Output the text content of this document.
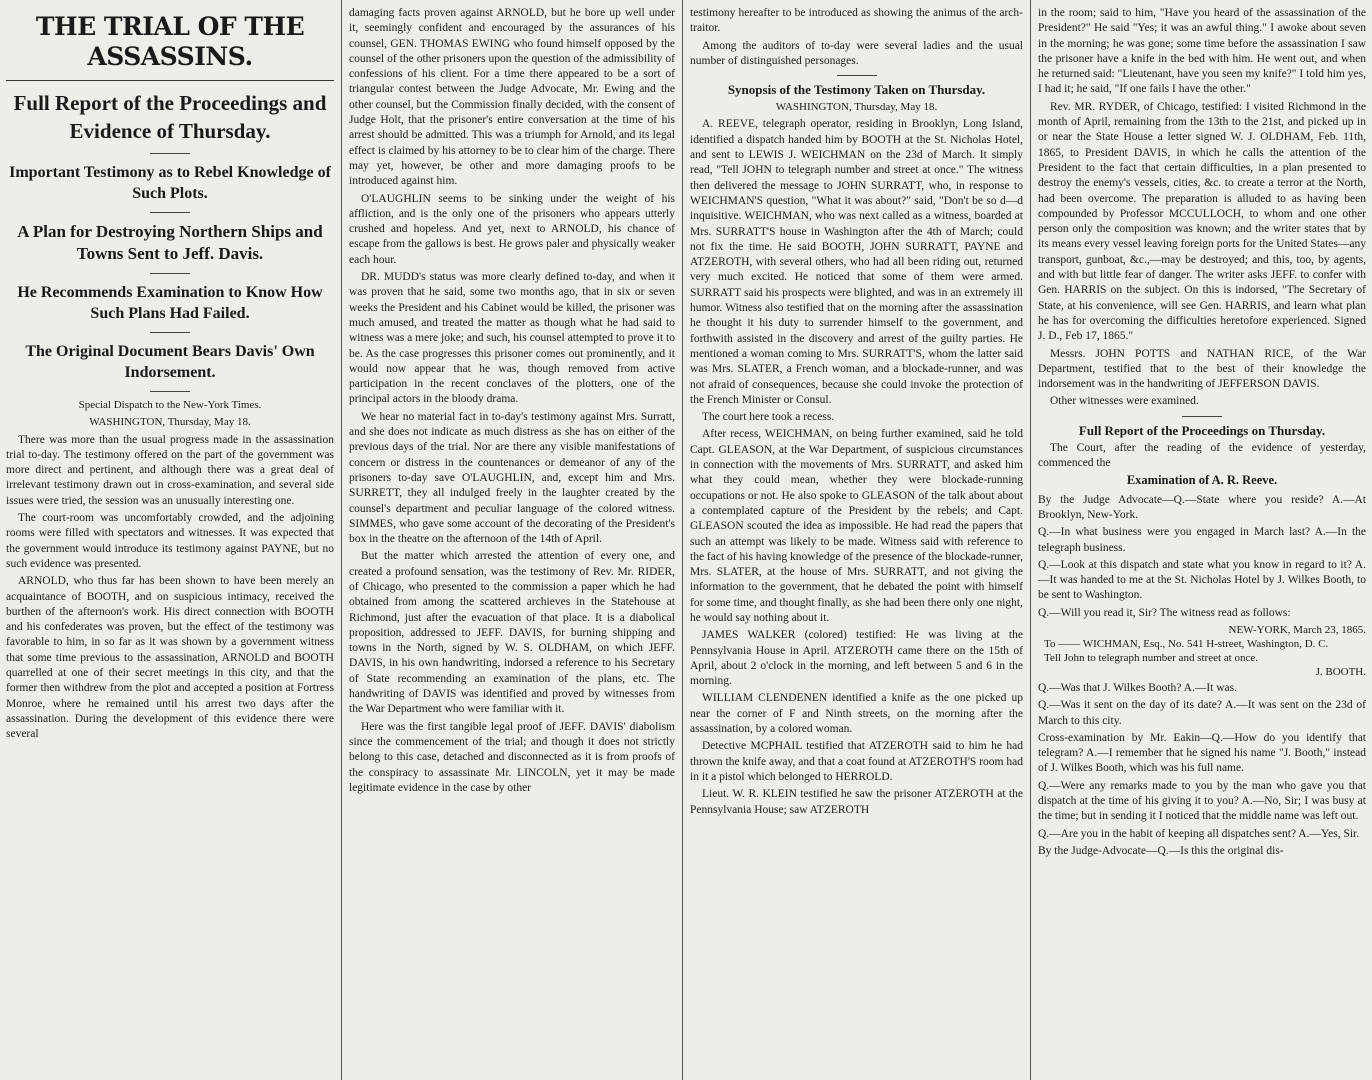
THE TRIAL OF THE ASSASSINS.
Full Report of the Proceedings and Evidence of Thursday.
Important Testimony as to Rebel Knowledge of Such Plots.
A Plan for Destroying Northern Ships and Towns Sent to Jeff. Davis.
He Recommends Examination to Know How Such Plans Had Failed.
The Original Document Bears Davis' Own Indorsement.
Special Dispatch to the New-York Times.
WASHINGTON, Thursday, May 18.

There was more than the usual progress made in the assassination trial to-day. The testimony offered on the part of the government was more direct and pertinent, and although there was a great deal of irrelevant testimony drawn out in cross-examination, and several side issues were tried, the session was an unusually interesting one.

The court-room was uncomfortably crowded, and the adjoining rooms were filled with spectators and witnesses. It was expected that the government would introduce its testimony against PAYNE, but no such evidence was presented.

ARNOLD, who thus far has been shown to have been merely an acquaintance of BOOTH, and on suspicious intimacy, received the burthen of the afternoon's work. His direct connection with BOOTH and his confederates was proven, but the effect of the testimony was favorable to him, in so far as it was shown by a government witness that some time previous to the assassination, ARNOLD and BOOTH quarrelled at one of their secret meetings in this city, and that the former then withdrew from the plot and accepted a position at Fortress Monroe, where he remained until his arrest two days after the assassination. During the development of this evidence there were several

damaging facts proven against ARNOLD, but he bore up well under it, seemingly confident and encouraged by the assurances of his counsel, GEN. THOMAS EWING who found himself opposed by the counsel of the other prisoners upon the question of the admissibility of confessions of his client. For a time there appeared to be a sort of triangular contest between the Judge Advocate, Mr. Ewing and the other counsel, but the Commission finally decided, with the consent of Judge Holt, that the prisoner's entire conversation at the time of his arrest should be admitted. This was a triumph for Arnold, and its legal effect is claimed by his attorney to be to clear him of the charge. There may yet, however, be other and more damaging proofs to be introduced against him.

O'LAUGHLIN seems to be sinking under the weight of his affliction, and is the only one of the prisoners who appears utterly crushed and hopeless. And yet, next to ARNOLD, his chance of escape from the gallows is best. He grows paler and physically weaker each hour.

DR. MUDD's status was more clearly defined to-day, and when it was proven that he said, some two months ago, that in six or seven weeks the President and his Cabinet would be killed, the prisoner was much amused, and treated the matter as though what he had said to witness was a mere joke; and such, his counsel attempted to prove it to be. As the case progresses this prisoner comes out prominently, and it would now appear that he was, though removed from active participation in the recent conclaves of the plotters, one of the principal actors in the bloody drama.

We hear no material fact in to-day's testimony against Mrs. Surratt, and she does not indicate as much distress as she has on either of the previous days of the trial. Nor are there any visible manifestations of concern or distress in the countenances or demeanor of any of the prisoners to-day save O'LAUGHLIN, and, except him and Mrs. SURRETT, they all indulged freely in the laughter created by the counsel's department and peculiar language of the colored witness. SIMMES, who gave some account of the decorating of the President's box in the theatre on the afternoon of the 14th of April.

But the matter which arrested the attention of every one, and created a profound sensation, was the testimony of Rev. Mr. RIDER, of Chicago, who presented to the commission a paper which he had obtained from among the scattered archieves in the Statehouse at Richmond, just after the evacuation of that place. It is a diabolical proposition, addressed to JEFF. DAVIS, for burning shipping and towns in the North, signed by W. S. OLDHAM, on which JEFF. DAVIS, in his own handwriting, indorsed a reference to his Secretary of State recommending an examination of the plans, etc. The handwriting of DAVIS was identified and proved by witnesses from the War Department who were familiar with it.

Here was the first tangible legal proof of JEFF. DAVIS' diabolism since the commencement of the trial; and though it does not strictly belong to this case, detached and disconnected as it is from proofs of the conspiracy to assassinate Mr. LINCOLN, yet it may be made legitimate evidence in the case by other

testimony hereafter to be introduced as showing the animus of the arch-traitor.

Among the auditors of to-day were several ladies and the usual number of distinguished personages.

Synopsis of the Testimony Taken on Thursday.
WASHINGTON, Thursday, May 18.

A. REEVE, telegraph operator, residing in Brooklyn, Long Island, identified a dispatch handed him by BOOTH at the St. Nicholas Hotel, and sent to LEWIS J. WEICHMAN on the 23d of March. It simply read, "Tell JOHN to telegraph number and street at once." The witness then delivered the message to JOHN SURRATT, who, in response to WEICHMAN'S question, "What it was about?" said, "Don't be so d—d inquisitive. WEICHMAN, who was next called as a witness, boarded at Mrs. SURRATT'S house in Washington after the 4th of March; could not fix the time. He said BOOTH, JOHN SURRATT, PAYNE and ATZEROTH, with several others, who had all been riding out, returned very much excited. He noticed that some of them were armed. SURRATT said his prospects were blighted, and was in an extremely ill humor. Witness also testified that on the morning after the assassination he thought it his duty to surrender himself to the government, and forthwith assisted in the discovery and arrest of the guilty parties. He mentioned a woman coming to Mrs. SURRATT'S, whom the latter said was Mrs. SLATER, a French woman, and a blockade-runner, and was not afraid of consequences, because she could invoke the protection of the French Minister or Consul.

The court here took a recess.

After recess, WEICHMAN, on being further examined, said he told Capt. GLEASON, at the War Department, of suspicious circumstances in connection with the movements of Mrs. SURRATT, and asked him what they could mean, whether they were blockade-running occupations or not. He also spoke to GLEASON of the talk about about a contemplated capture of the President by the rebels; and Capt. GLEASON scouted the idea as impossible. He had read the papers that such an attempt was likely to be made. Witness said with reference to the fact of his having knowledge of the presence of the blockade-runner, Mrs. SLATER, at the house of Mrs. SURRATT, and not giving the information to the government, that he debated the point with himself for some time, and thought finally, as she had been there only one night, he would say nothing about it.

JAMES WALKER (colored) testified: He was living at the Pennsylvania House in April. ATZEROTH came there on the 15th of April, about 2 o'clock in the morning, and left between 5 and 6 in the morning.

WILLIAM CLENDENEN identified a knife as the one picked up near the corner of F and Ninth streets, on the morning after the assassination, by a colored woman.

Detective MCPHAIL testified that ATZEROTH said to him he had thrown the knife away, and that a coat found at ATZEROTH'S room had in it a pistol which belonged to HERROLD.

Lieut. W. R. KLEIN testified he saw the prisoner ATZEROTH at the Pennsylvania House; saw ATZEROTH

in the room; said to him, "Have you heard of the assassination of the President?" He said "Yes; it was an awful thing." I awoke about seven in the morning; he was gone; some time before the assassination I saw the prisoner have a knife in the bed with him. He went out, and when he returned said: "Lieutenant, have you seen my knife?" I told him yes, I had it; he said, "If one fails I have the other."

Rev. MR. RYDER, of Chicago, testified: I visited Richmond in the month of April, remaining from the 13th to the 21st, and picked up in or near the State House a letter signed W. J. OLDHAM, Feb. 11th, 1865, to President DAVIS, in which he calls the attention of the President to the fact that certain difficulties, in a plan presented to destroy the enemy's vessels, cities, &c. to create a terror at the North, had been overcome. The preparation is alluded to as having been compounded by Professor MCCULLOCH, to whom and one other person only the composition was known; and the writer states that by its means every vessel leaving foreign ports for the United States—any transport, gunboat, &c.,—may be destroyed; and this, too, by agents, and with but little fear of danger. The writer asks JEFF. to confer with Gen. HARRIS on the subject. On this is indorsed, "The Secretary of State, at his convenience, will see Gen. HARRIS, and learn what plan he has for overcoming the difficulties heretofore experienced. Signed J. D., Feb 17, 1865."

Messrs. JOHN POTTS and NATHAN RICE, of the War Department, testified that to the best of their knowledge the indorsement was in the handwriting of JEFFERSON DAVIS.

Other witnesses were examined.

Full Report of the Proceedings on Thursday.

The Court, after the reading of the evidence of yesterday, commenced the

Examination of A. R. Reeve.

By the Judge Advocate—Q.—State where you reside? A.—At Brooklyn, New-York.

Q.—In what business were you engaged in March last? A.—In the telegraph business.

Q.—Look at this dispatch and state what you know in regard to it? A.—It was handed to me at the St. Nicholas Hotel by J. Wilkes Booth, to be sent to Washington.

Q.—Will you read it, Sir? The witness read as follows:

NEW-YORK, March 23, 1865.
To —— WICHMAN, Esq., No. 541 H-street, Washington, D. C.
Tell John to telegraph number and street at once.
J. BOOTH.

Q.—Was that J. Wilkes Booth? A.—It was.

Q.—Was it sent on the day of its date? A.—It was sent on the 23d of March to this city.

Cross-examination by Mr. Eakin—Q.—How do you identify that telegram? A.—I remember that he signed his name "J. Booth," instead of J. Wilkes Booth, which was his full name.

Q.—Were any remarks made to you by the man who gave you that dispatch at the time of his giving it to you? A.—No, Sir; I was busy at the time; but in sending it I noticed that the middle name was left out.

Q.—Are you in the habit of keeping all dispatches sent? A.—Yes, Sir.

By the Judge-Advocate—Q.—Is this the original dis-
